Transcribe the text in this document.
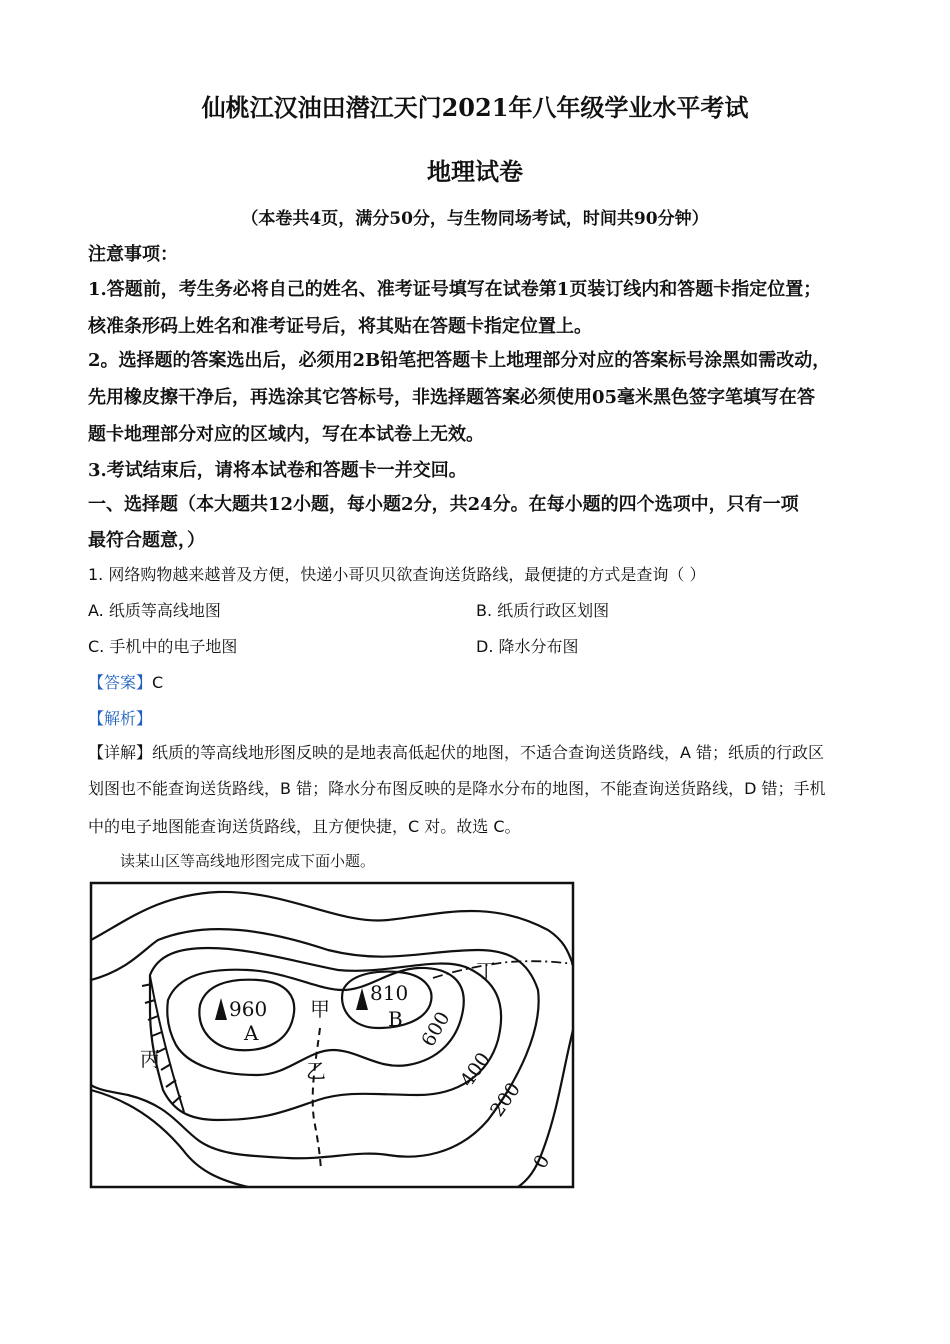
仙桃江汉油田潜江天门2021年八年级学业水平考试
地理试卷
（本卷共4页，满分50分，与生物同场考试，时间共90分钟）
注意事项：
1.答题前，考生务必将自己的姓名、准考证号填写在试卷第1页装订线内和答题卡指定位置；
核准条形码上姓名和准考证号后，将其贴在答题卡指定位置上。
2。选择题的答案选出后，必须用2B铅笔把答题卡上地理部分对应的答案标号涂黑如需改动，
先用橡皮擦干净后，再选涂其它答标号，非选择题答案必须使用05毫米黑色签字笔填写在答
题卡地理部分对应的区域内，写在本试卷上无效。
3.考试结束后，请将本试卷和答题卡一并交回。
一、选择题（本大题共12小题，每小题2分，共24分。在每小题的四个选项中，只有一项
最符合题意，）
1. 网络购物越来越普及方便，快递小哥贝贝欲查询送货路线，最便捷的方式是查询（ ）
A. 纸质等高线地图	B. 纸质行政区划图
C. 手机中的电子地图	D. 降水分布图
【答案】C
【解析】
【详解】纸质的等高线地形图反映的是地表高低起伏的地图，不适合查询送货路线，A 错；纸质的行政区
划图也不能查询送货路线，B 错；降水分布图反映的是降水分布的地图，不能查询送货路线，D 错；手机
中的电子地图能查询送货路线，且方便快捷，C 对。故选 C。
读某山区等高线地形图完成下面小题。
960
A
810
B
甲
乙
丙
丁
600
400
200
0
